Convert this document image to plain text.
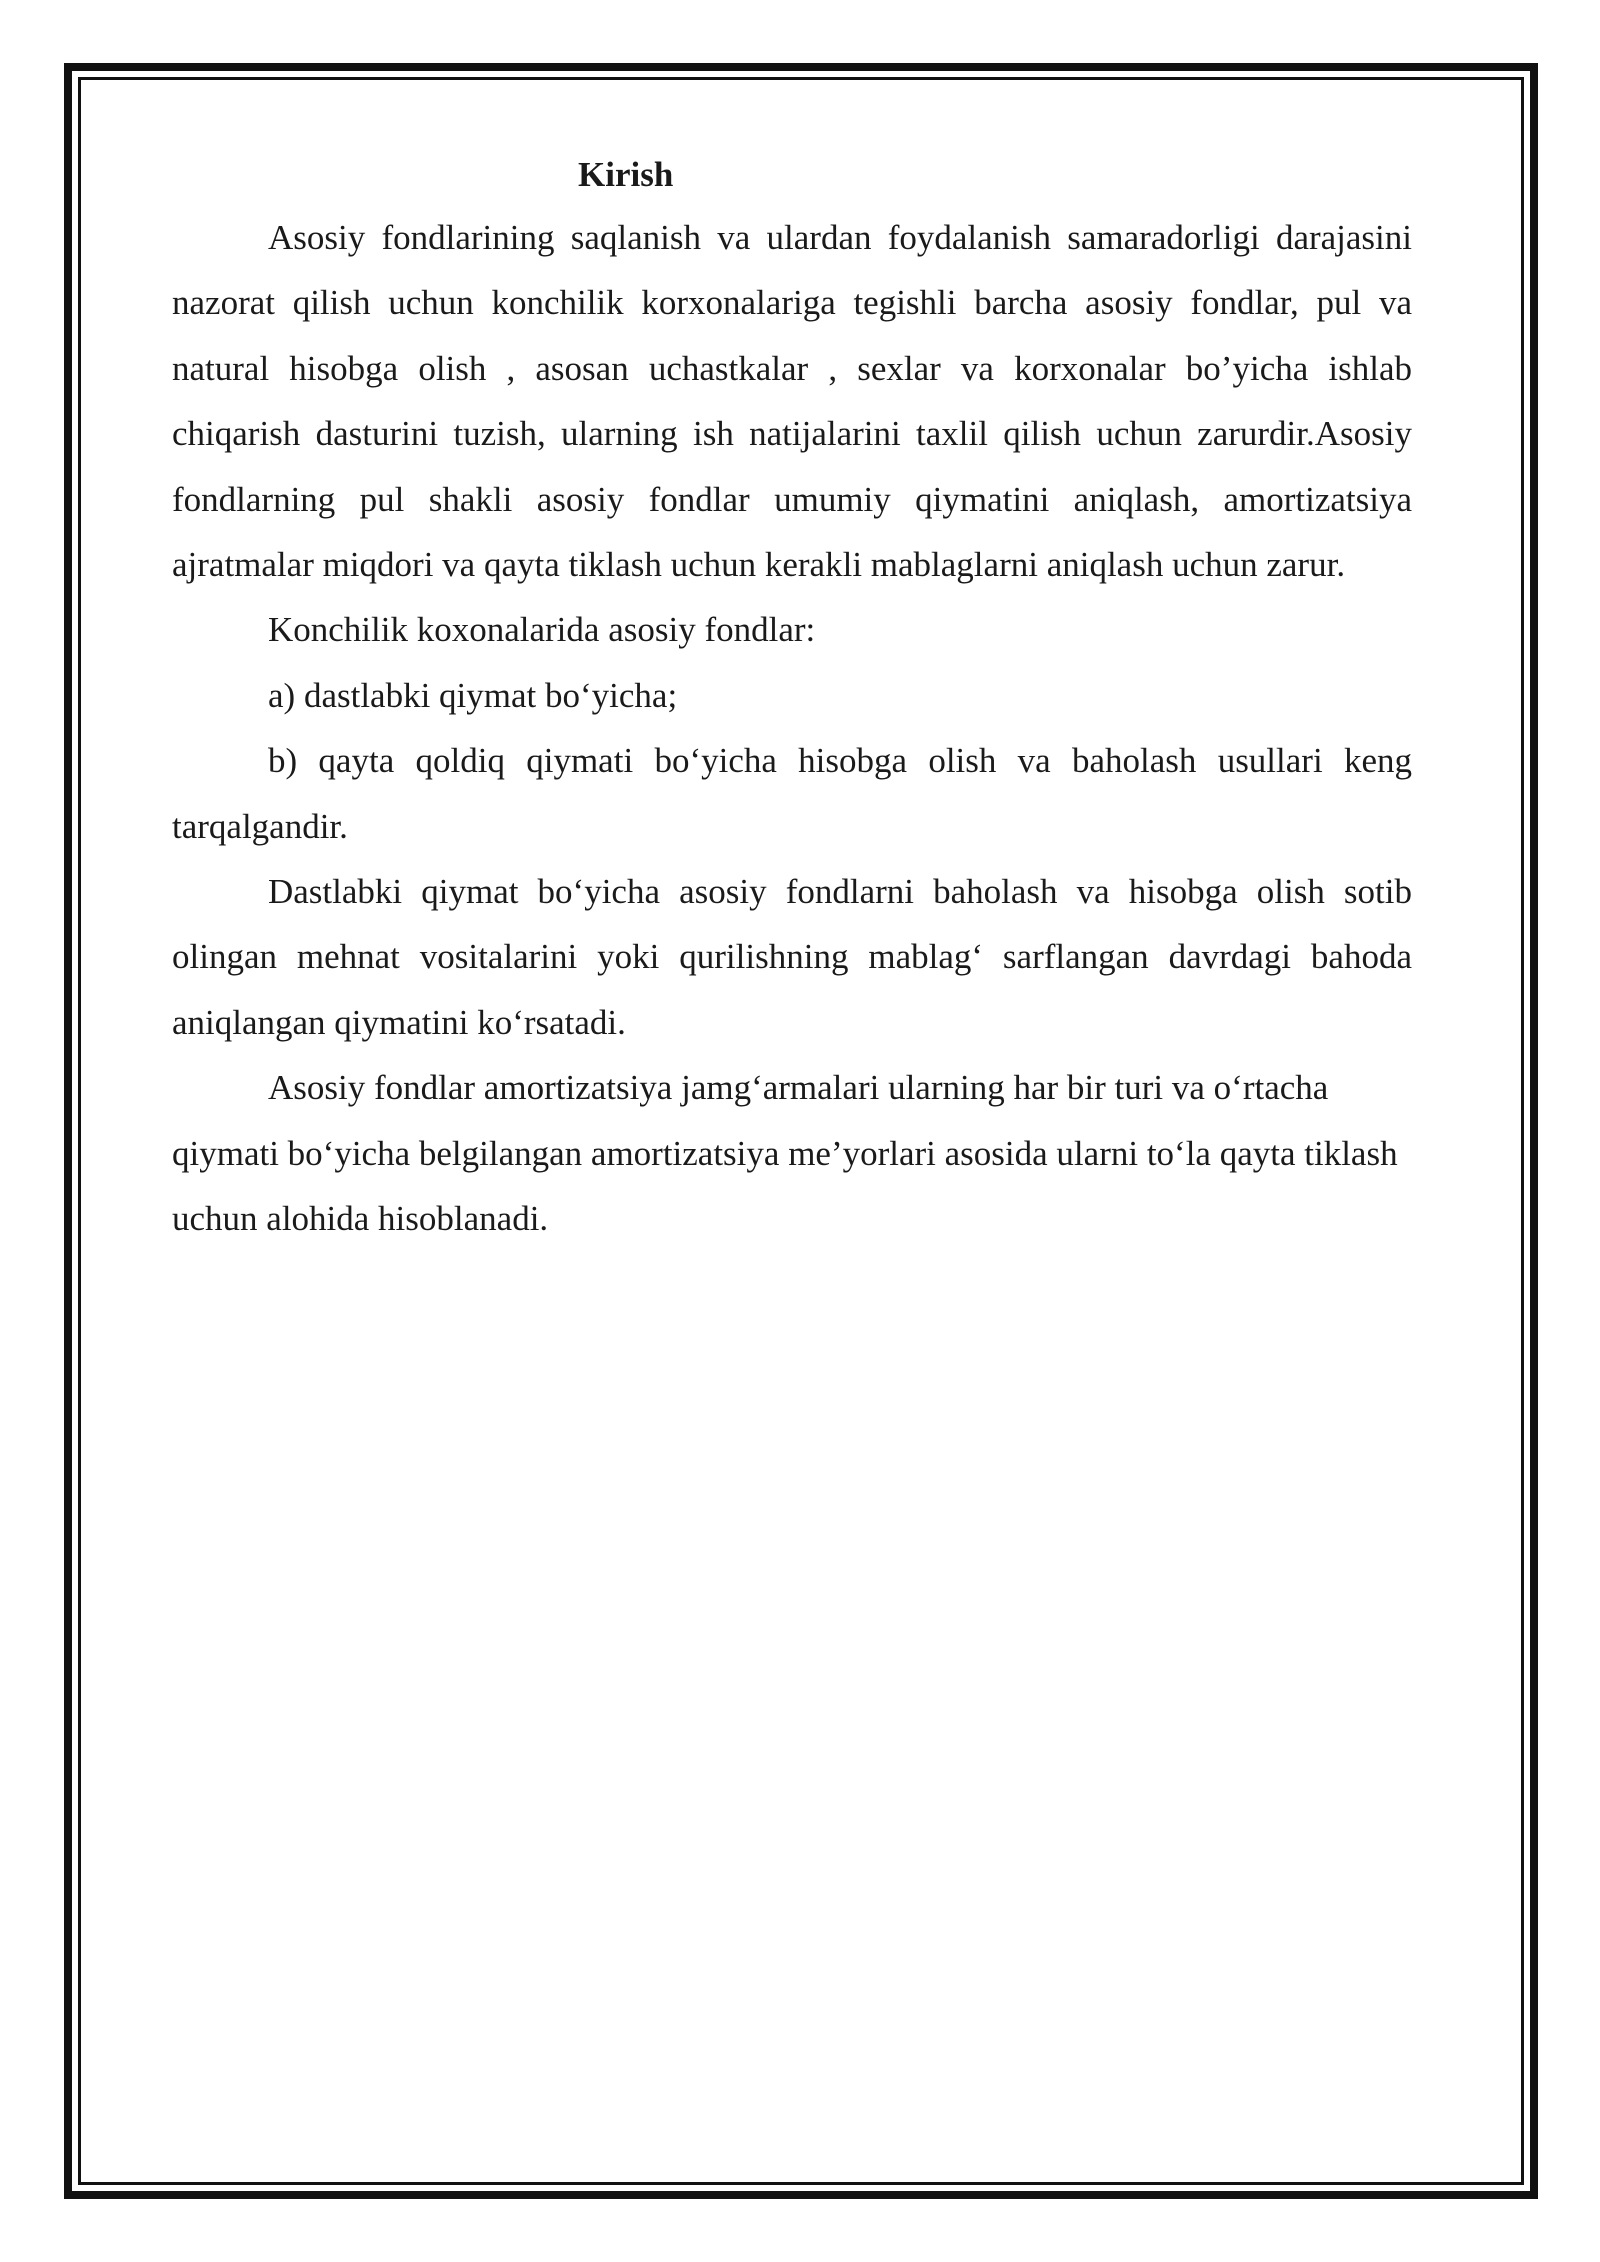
Kirish

Asosiy fondlarining saqlanish va ulardan foydalanish samaradorligi darajasini nazorat qilish uchun konchilik korxonalariga tegishli barcha asosiy fondlar, pul va natural hisobga olish , asosan uchastkalar , sexlar va korxonalar bo’yicha ishlab chiqarish dasturini tuzish, ularning ish natijalarini taxlil qilish uchun zarurdir.Asosiy fondlarning pul shakli asosiy fondlar umumiy qiymatini aniqlash, amortizatsiya ajratmalar miqdori va qayta tiklash uchun kerakli mablaglarni aniqlash uchun zarur.

Konchilik koxonalarida asosiy fondlar:

a) dastlabki qiymat bo‘yicha;

b) qayta qoldiq qiymati bo‘yicha hisobga olish va baholash usullari keng tarqalgandir.

Dastlabki qiymat bo‘yicha asosiy fondlarni baholash va hisobga olish sotib olingan mehnat vositalarini yoki qurilishning mablag‘ sarflangan davrdagi bahoda aniqlangan qiymatini ko‘rsatadi.

Asosiy fondlar amortizatsiya jamg‘armalari ularning har bir turi va o‘rtacha qiymati bo‘yicha belgilangan amortizatsiya me’yorlari asosida ularni to‘la qayta tiklash uchun alohida hisoblanadi.
